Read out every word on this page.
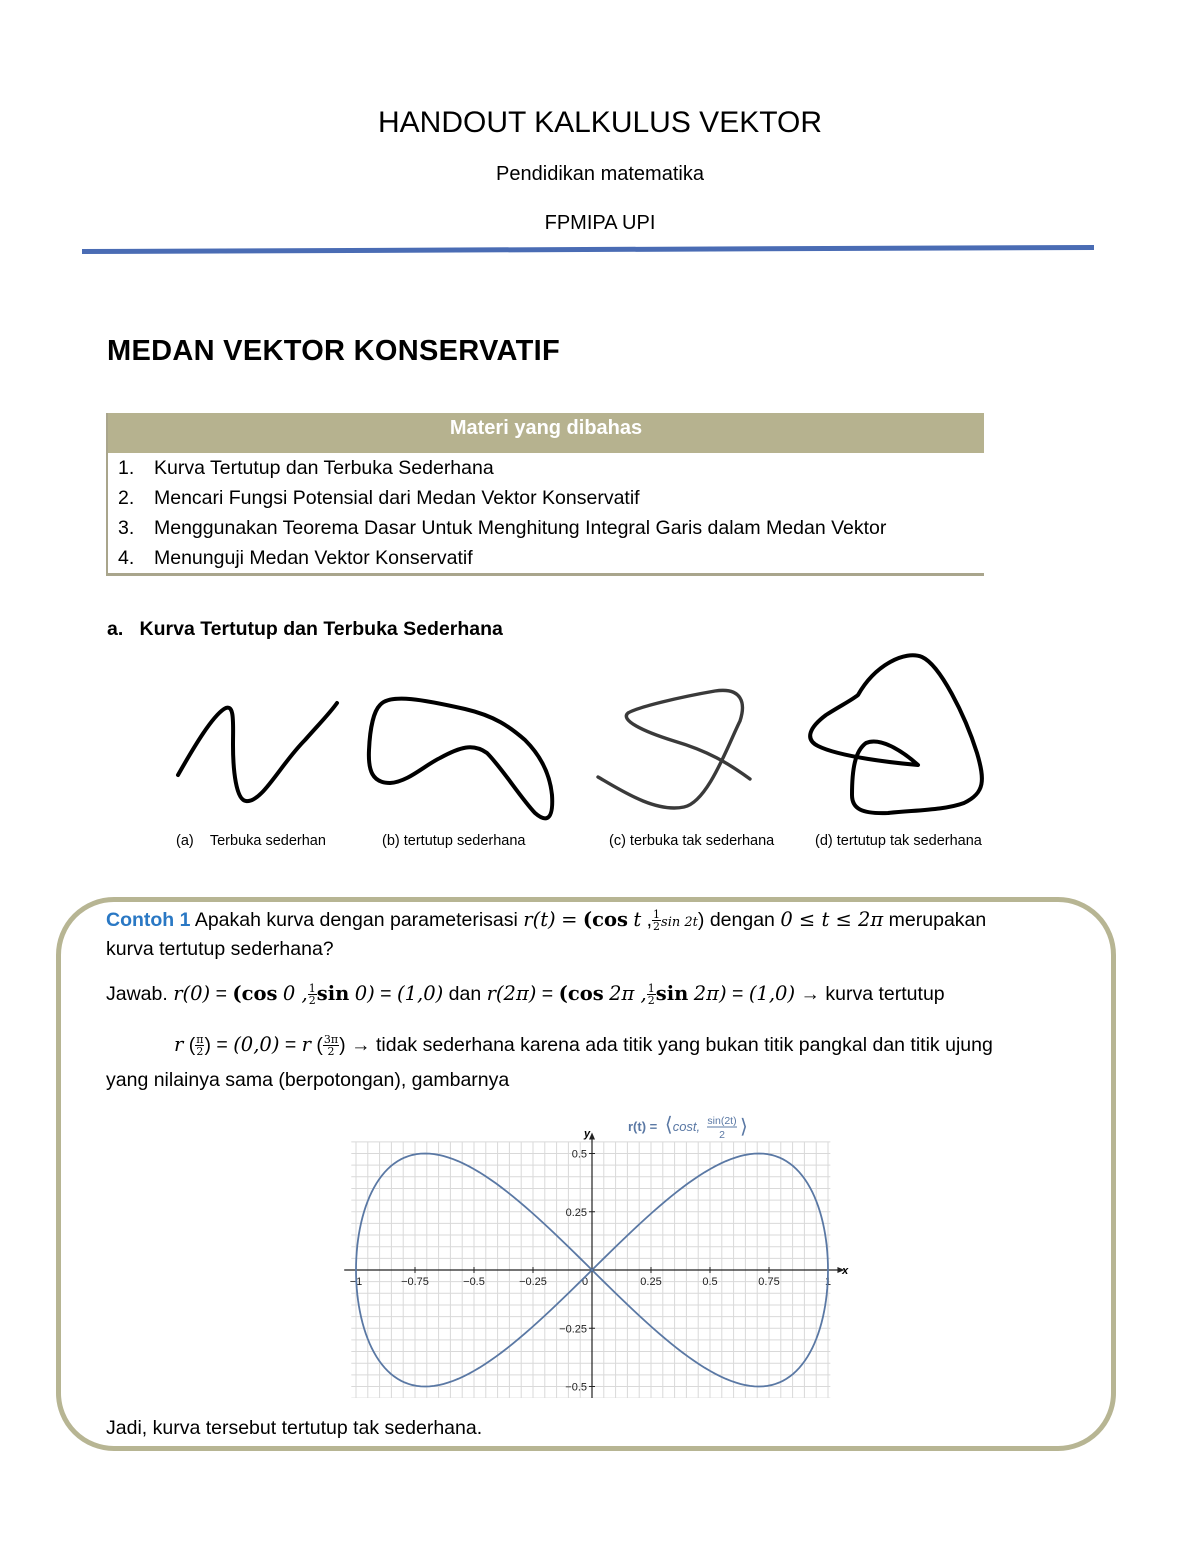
HANDOUT KALKULUS VEKTOR
Pendidikan matematika
FPMIPA UPI
MEDAN VEKTOR KONSERVATIF
Materi yang dibahas
1. Kurva Tertutup dan Terbuka Sederhana
2. Mencari Fungsi Potensial dari Medan Vektor Konservatif
3. Menggunakan Teorema Dasar Untuk Menghitung Integral Garis dalam Medan Vektor
4. Menunguji Medan Vektor Konservatif
a. Kurva Tertutup dan Terbuka Sederhana
(a) Terbuka sederhan	(b) tertutup sederhana	(c) terbuka tak sederhana	(d) tertutup tak sederhana
Contoh 1 Apakah kurva dengan parameterisasi r(t) = (cos t , $\frac{1}{2}$ sin 2t) dengan 0 ≤ t ≤ 2π merupakan
kurva tertutup sederhana?
Jawab. r(0) = (cos 0 , $\frac{1}{2}$ sin 0) = (1,0) dan r(2π) = (cos 2π , $\frac{1}{2}$ sin 2π) = (1,0) → kurva tertutup
r ( $\frac{\pi}{2}$ ) = (0,0) = r ( $\frac{3\pi}{2}$ ) → tidak sederhana karena ada titik yang bukan titik pangkal dan titik ujung
yang nilainya sama (berpotongan), gambarnya
x
y
−1	−0.75	−0.5	−0.25	0	0.25	0.5	0.75	1
0.5
0.25
−0.25
−0.5
r(t) = ⟨cost, sin(2t)
2 ⟩
Jadi, kurva tersebut tertutup tak sederhana.
